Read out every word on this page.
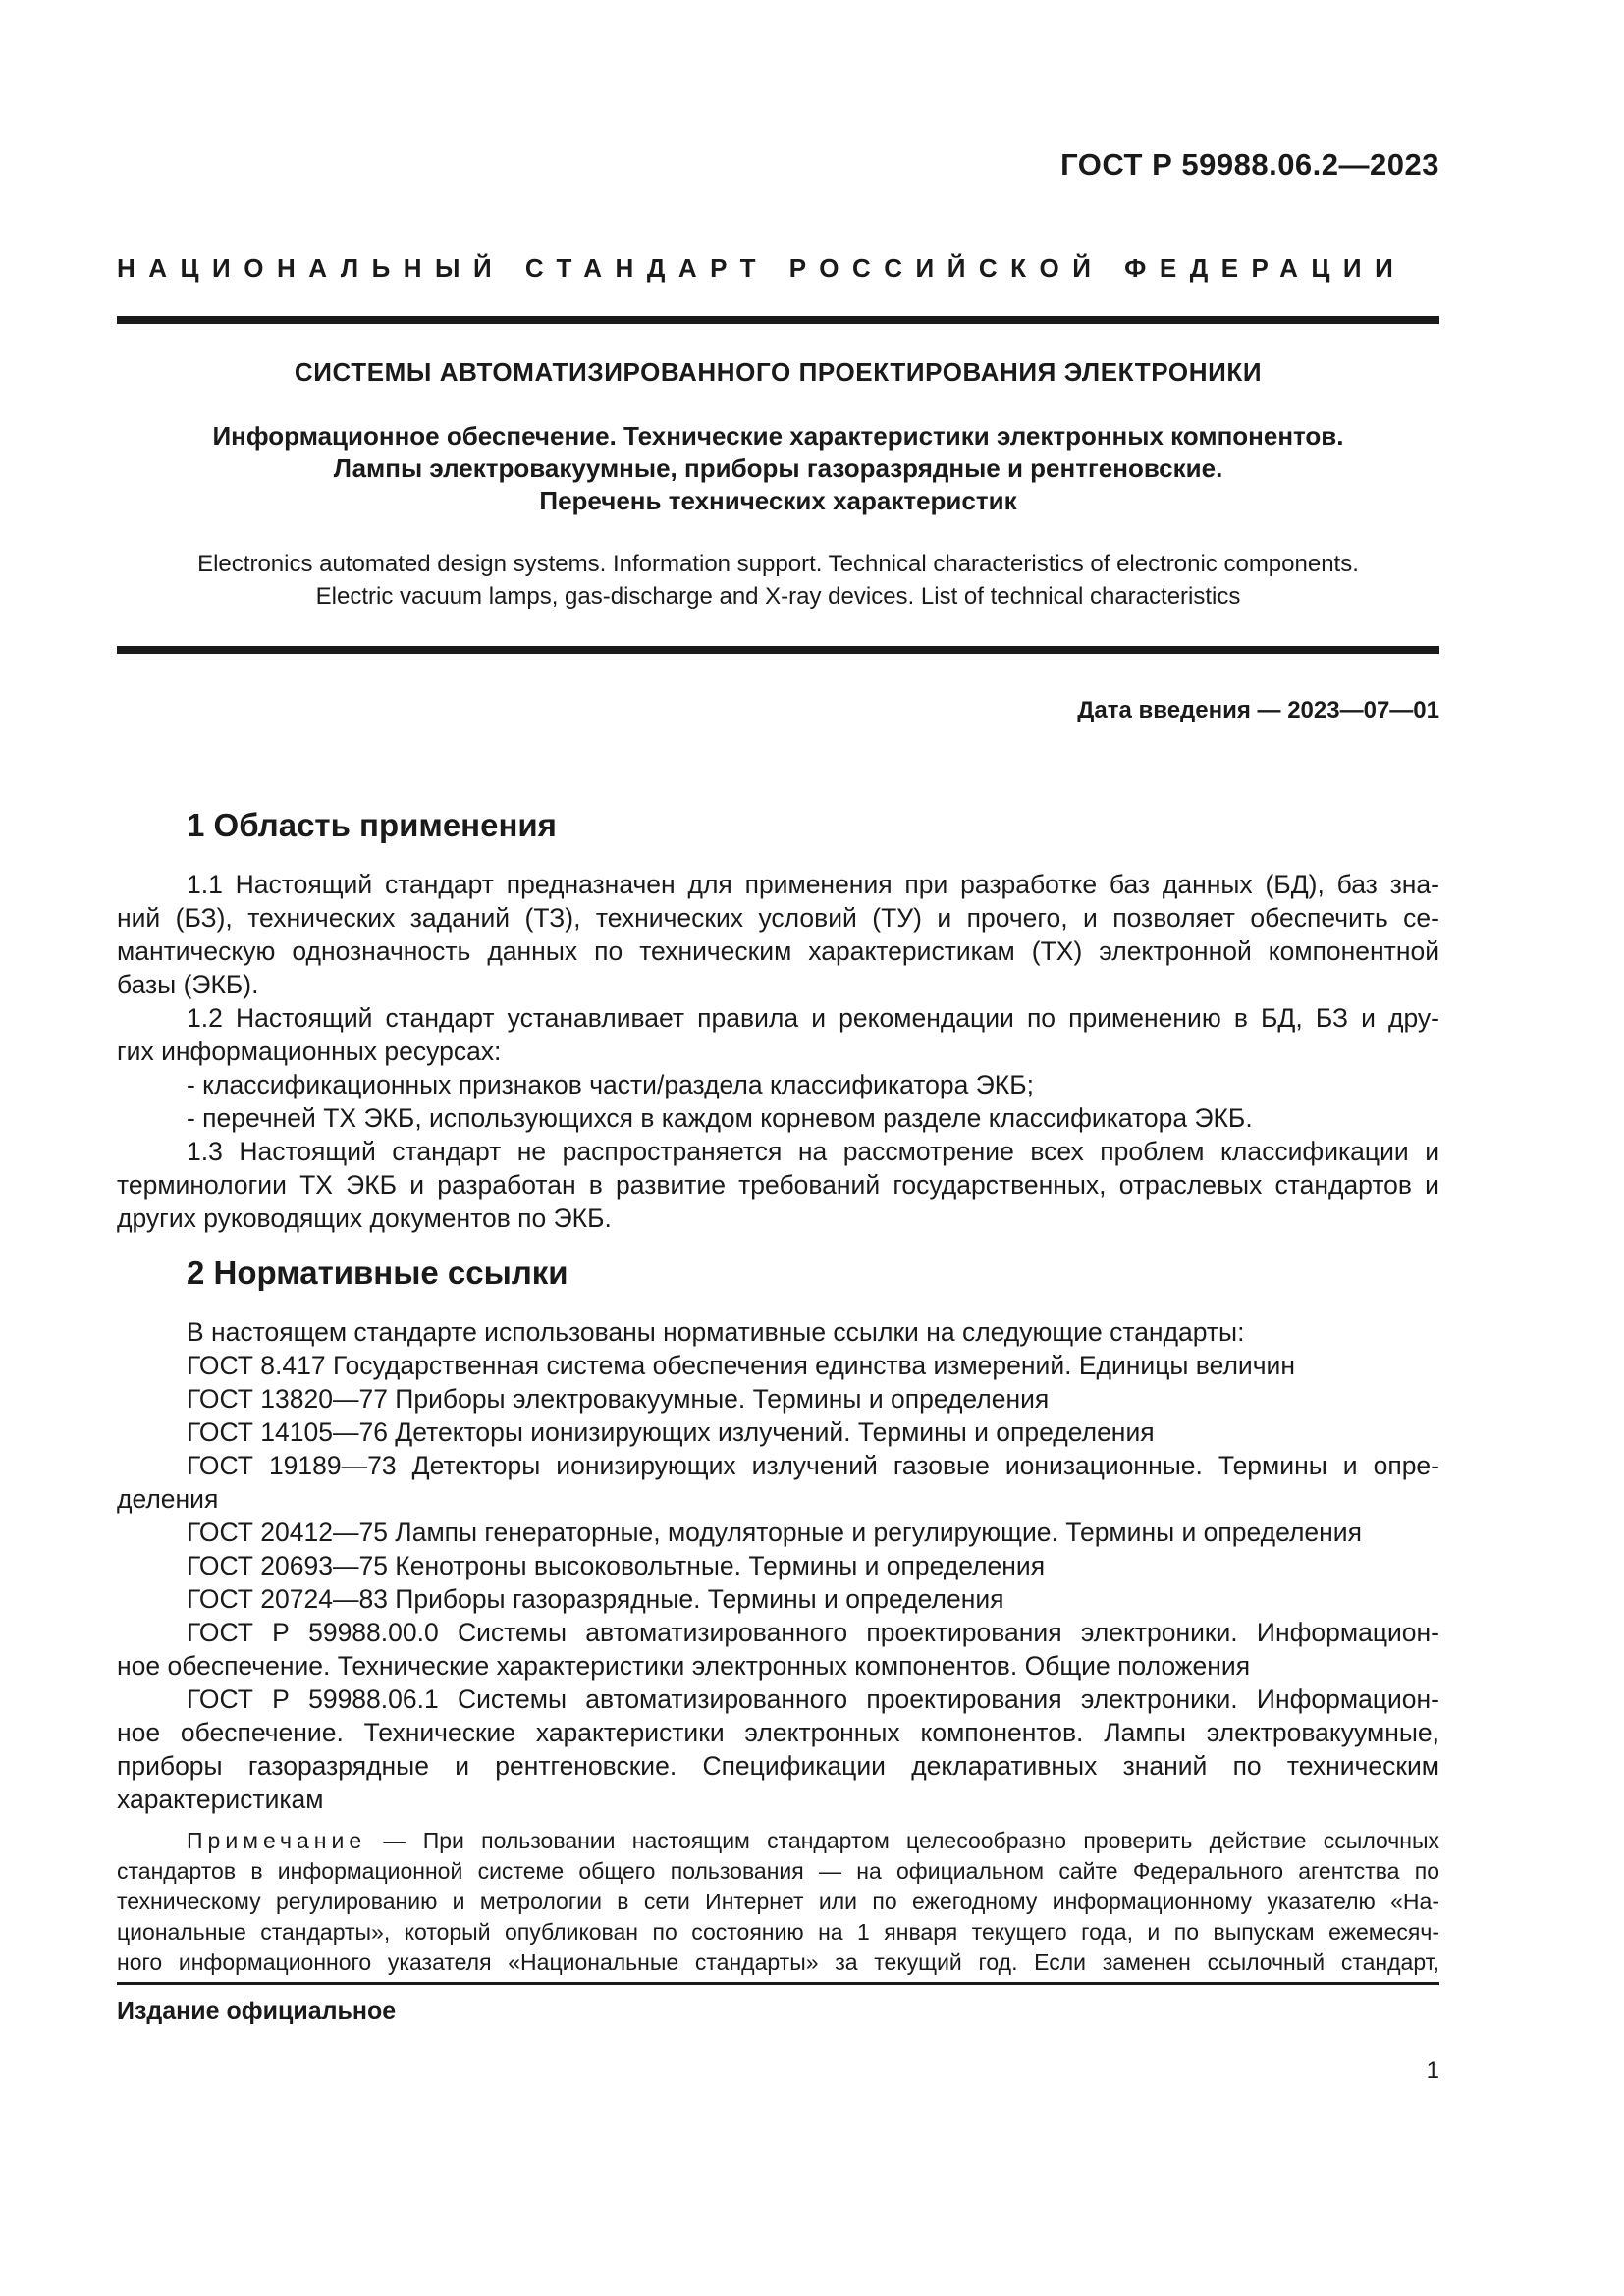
ГОСТ Р 59988.06.2—2023
НАЦИОНАЛЬНЫЙ СТАНДАРТ РОССИЙСКОЙ ФЕДЕРАЦИИ
СИСТЕМЫ АВТОМАТИЗИРОВАННОГО ПРОЕКТИРОВАНИЯ ЭЛЕКТРОНИКИ
Информационное обеспечение. Технические характеристики электронных компонентов.
Лампы электровакуумные, приборы газоразрядные и рентгеновские.
Перечень технических характеристик
Electronics automated design systems. Information support. Technical characteristics of electronic components.
Electric vacuum lamps, gas-discharge and X-ray devices. List of technical characteristics
Дата введения — 2023—07—01
1 Область применения

1.1 Настоящий стандарт предназначен для применения при разработке баз данных (БД), баз зна-

ний (БЗ), технических заданий (ТЗ), технических условий (ТУ) и прочего, и позволяет обеспечить се-

мантическую однозначность данных по техническим характеристикам (ТХ) электронной компонентной

базы (ЭКБ).

1.2 Настоящий стандарт устанавливает правила и рекомендации по применению в БД, БЗ и дру-

гих информационных ресурсах:

- классификационных признаков части/раздела классификатора ЭКБ;

- перечней ТХ ЭКБ, использующихся в каждом корневом разделе классификатора ЭКБ.

1.3 Настоящий стандарт не распространяется на рассмотрение всех проблем классификации и

терминологии ТХ ЭКБ и разработан в развитие требований государственных, отраслевых стандартов и

других руководящих документов по ЭКБ.

2 Нормативные ссылки

В настоящем стандарте использованы нормативные ссылки на следующие стандарты:

ГОСТ 8.417 Государственная система обеспечения единства измерений. Единицы величин

ГОСТ 13820—77 Приборы электровакуумные. Термины и определения

ГОСТ 14105—76 Детекторы ионизирующих излучений. Термины и определения

ГОСТ 19189—73 Детекторы ионизирующих излучений газовые ионизационные. Термины и опре-

деления

ГОСТ 20412—75 Лампы генераторные, модуляторные и регулирующие. Термины и определения

ГОСТ 20693—75 Кенотроны высоковольтные. Термины и определения

ГОСТ 20724—83 Приборы газоразрядные. Термины и определения

ГОСТ Р 59988.00.0 Системы автоматизированного проектирования электроники. Информацион-

ное обеспечение. Технические характеристики электронных компонентов. Общие положения

ГОСТ Р 59988.06.1 Системы автоматизированного проектирования электроники. Информацион-

ное обеспечение. Технические характеристики электронных компонентов. Лампы электровакуумные,

приборы газоразрядные и рентгеновские. Спецификации декларативных знаний по техническим

характеристикам

Примечание — При пользовании настоящим стандартом целесообразно проверить действие ссылочных

стандартов в информационной системе общего пользования — на официальном сайте Федерального агентства по

техническому регулированию и метрологии в сети Интернет или по ежегодному информационному указателю «На-

циональные стандарты», который опубликован по состоянию на 1 января текущего года, и по выпускам ежемесяч-

ного информационного указателя «Национальные стандарты» за текущий год. Если заменен ссылочный стандарт,

Издание официальное
1
